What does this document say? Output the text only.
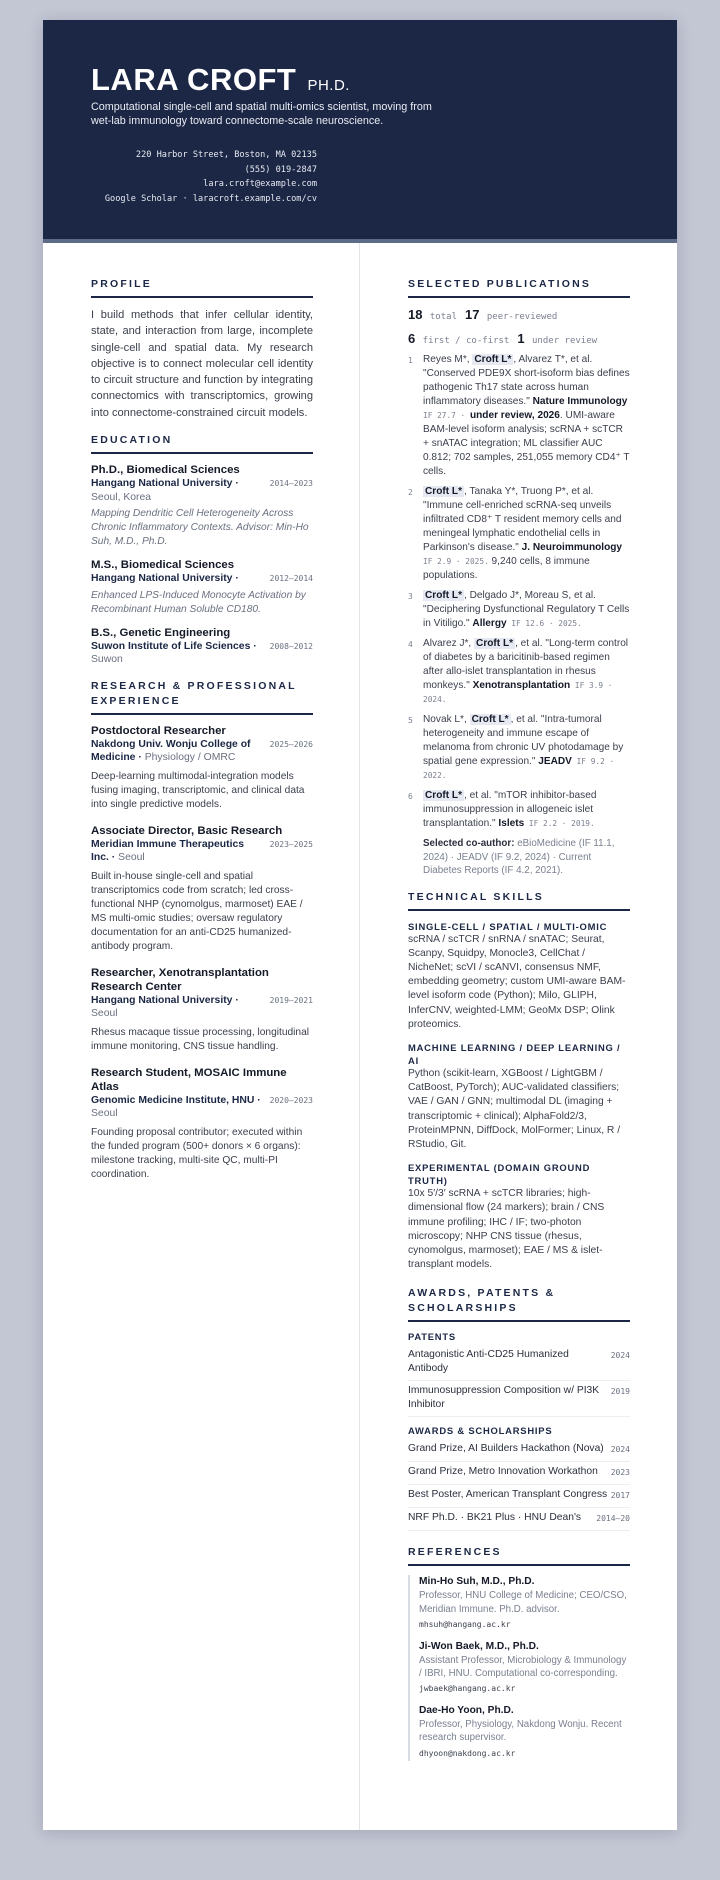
LARA CROFT PH.D.
Computational single-cell and spatial multi-omics scientist, moving from wet-lab immunology toward connectome-scale neuroscience.
220 Harbor Street, Boston, MA 02135
(555) 019-2847
lara.croft@example.com
Google Scholar · laracroft.example.com/cv
PROFILE

I build methods that infer cellular identity, state, and interaction from large, incomplete single-cell and spatial data. My research objective is to connect molecular cell identity to circuit structure and function by integrating connectomics with transcriptomics, growing into connectome-constrained circuit models.

EDUCATION
Ph.D., Biomedical Sciences
Hangang National University ·	2014–2023
Seoul, Korea
Mapping Dendritic Cell Heterogeneity Across Chronic Inflammatory Contexts. Advisor: Min-Ho Suh, M.D., Ph.D.
M.S., Biomedical Sciences
Hangang National University ·	2012–2014
Enhanced LPS-Induced Monocyte Activation by Recombinant Human Soluble CD180.
B.S., Genetic Engineering
Suwon Institute of Life Sciences ·	2008–2012
Suwon
RESEARCH & PROFESSIONAL EXPERIENCE
Postdoctoral Researcher
Nakdong Univ. Wonju College of Medicine · Physiology / OMRC
2025–2026
Deep-learning multimodal-integration models fusing imaging, transcriptomic, and clinical data into single predictive models.
Associate Director, Basic Research
Meridian Immune Therapeutics Inc. · Seoul
2023–2025
Built in-house single-cell and spatial transcriptomics code from scratch; led cross-functional NHP (cynomolgus, marmoset) EAE / MS multi-omic studies; oversaw regulatory documentation for an anti-CD25 humanized-antibody program.
Researcher, Xenotransplantation Research Center
Hangang National University ·	2019–2021
Seoul
Rhesus macaque tissue processing, longitudinal immune monitoring, CNS tissue handling.
Research Student, MOSAIC Immune Atlas
Genomic Medicine Institute, HNU · 2020–2023
Seoul
Founding proposal contributor; executed within the funded program (500+ donors × 6 organs): milestone tracking, multi-site QC, multi-PI coordination.
SELECTED PUBLICATIONS
18 total 17 peer-reviewed
6 first / co-first 1 under review
1	Reyes M*, Croft L* , Alvarez T*, et al. "Conserved PDE9X short-isoform bias defines pathogenic Th17 state across human inflammatory diseases." Nature Immunology IF 27.7 · under review, 2026. UMI-aware BAM-level isoform analysis; scRNA + scTCR + snATAC integration; ML classifier AUC 0.812; 702 samples, 251,055 memory CD4⁺ T cells.
2	Croft L* , Tanaka Y*, Truong P*, et al. "Immune cell-enriched scRNA-seq unveils infiltrated CD8⁺ T resident memory cells and meningeal lymphatic endothelial cells in Parkinson's disease." J. Neuroimmunology IF 2.9 · 2025. 9,240 cells, 8 immune populations.
3	Croft L* , Delgado J*, Moreau S, et al. "Deciphering Dysfunctional Regulatory T Cells in Vitiligo." Allergy IF 12.6 · 2025.
4	Alvarez J*, Croft L* , et al. "Long-term control of diabetes by a baricitinib-based regimen after allo-islet transplantation in rhesus monkeys." Xenotransplantation IF 3.9 · 2024.
5	Novak L*, Croft L* , et al. "Intra-tumoral heterogeneity and immune escape of melanoma from chronic UV photodamage by spatial gene expression." JEADV IF 9.2 · 2022.
6	Croft L* , et al. "mTOR inhibitor-based immunosuppression in allogeneic islet transplantation." Islets IF 2.2 · 2019.
Selected co-author: eBioMedicine (IF 11.1, 2024) · JEADV (IF 9.2, 2024) · Current Diabetes Reports (IF 4.2, 2021).
TECHNICAL SKILLS
SINGLE-CELL / SPATIAL / MULTI-OMIC
scRNA / scTCR / snRNA / snATAC; Seurat, Scanpy, Squidpy, Monocle3, CellChat / NicheNet; scVI / scANVI, consensus NMF, embedding geometry; custom UMI-aware BAM-level isoform code (Python); Milo, GLIPH, InferCNV, weighted-LMM; GeoMx DSP; Olink proteomics.
MACHINE LEARNING / DEEP LEARNING / AI
Python (scikit-learn, XGBoost / LightGBM / CatBoost, PyTorch); AUC-validated classifiers; VAE / GAN / GNN; multimodal DL (imaging + transcriptomic + clinical); AlphaFold2/3, ProteinMPNN, DiffDock, MolFormer; Linux, R / RStudio, Git.
EXPERIMENTAL (DOMAIN GROUND TRUTH)
10x 5′/3′ scRNA + scTCR libraries; high-dimensional flow (24 markers); brain / CNS immune profiling; IHC / IF; two-photon microscopy; NHP CNS tissue (rhesus, cynomolgus, marmoset); EAE / MS & islet-transplant models.
AWARDS, PATENTS & SCHOLARSHIPS
PATENTS
Antagonistic Anti-CD25 Humanized Antibody
2024
Immunosuppression Composition w/ PI3K Inhibitor
2019
AWARDS & SCHOLARSHIPS
Grand Prize, AI Builders Hackathon (Nova) 2024
Grand Prize, Metro Innovation Workathon 2023
Best Poster, American Transplant Congress 2017
NRF Ph.D. · BK21 Plus · HNU Dean's 2014–20
REFERENCES
Min-Ho Suh, M.D., Ph.D.
Professor, HNU College of Medicine; CEO/CSO, Meridian Immune. Ph.D. advisor.
mhsuh@hangang.ac.kr
Ji-Won Baek, M.D., Ph.D.
Assistant Professor, Microbiology & Immunology / IBRI, HNU. Computational co-corresponding.
jwbaek@hangang.ac.kr
Dae-Ho Yoon, Ph.D.
Professor, Physiology, Nakdong Wonju. Recent research supervisor.
dhyoon@nakdong.ac.kr
